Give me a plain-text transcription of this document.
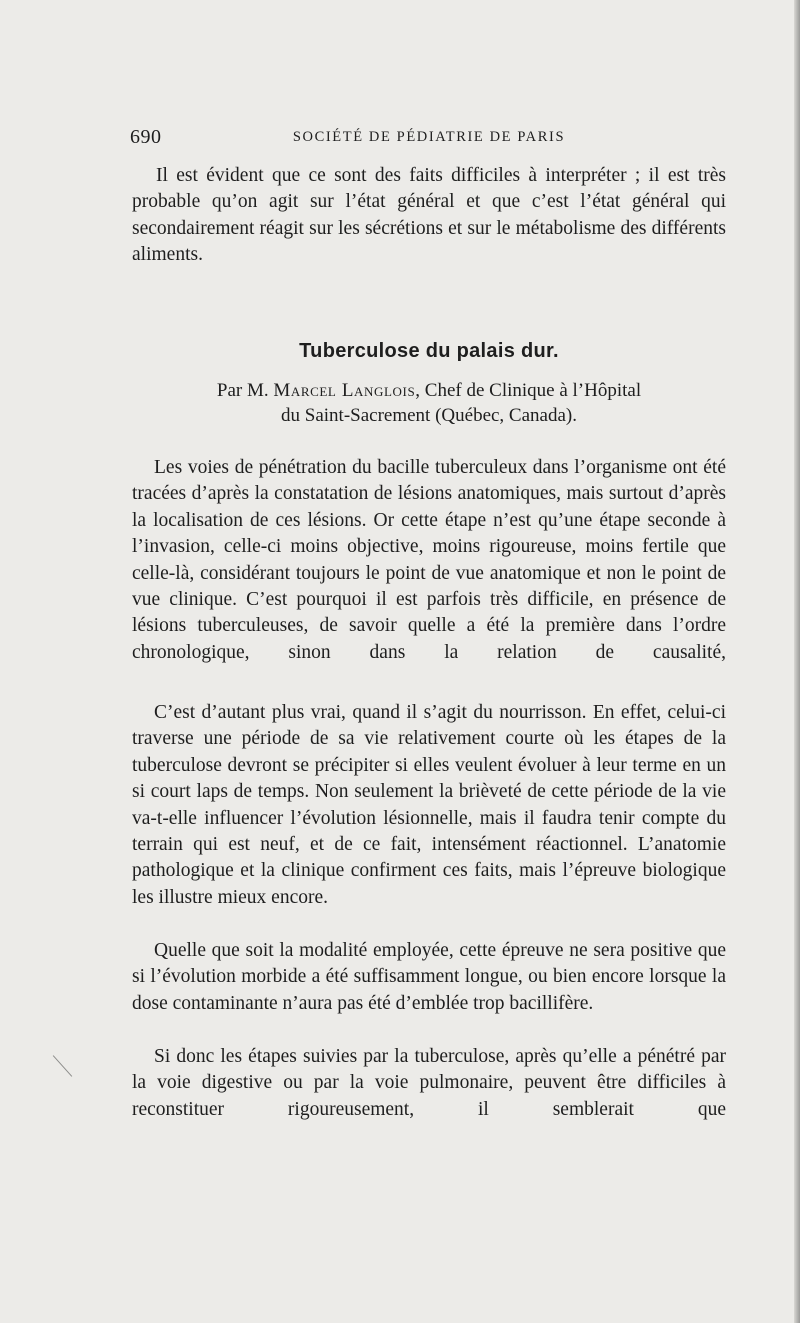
690	SOCIÉTÉ DE PÉDIATRIE DE PARIS

Il est évident que ce sont des faits difficiles à interpréter ; il est très probable qu’on agit sur l’état général et que c’est l’état général qui secondairement réagit sur les sécrétions et sur le métabolisme des différents aliments.

Tuberculose du palais dur.
Par M. Marcel Langlois, Chef de Clinique à l’Hôpital
du Saint-Sacrement (Québec, Canada).

Les voies de pénétration du bacille tuberculeux dans l’organisme ont été tracées d’après la constatation de lésions anatomiques, mais surtout d’après la localisation de ces lésions. Or cette étape n’est qu’une étape seconde à l’invasion, celle-ci moins objective, moins rigoureuse, moins fertile que celle-là, considérant toujours le point de vue anatomique et non le point de vue clinique. C’est pourquoi il est parfois très difficile, en présence de lésions tuberculeuses, de savoir quelle a été la première dans l’ordre chronologique, sinon dans la relation de causalité,

C’est d’autant plus vrai, quand il s’agit du nourrisson. En effet, celui-ci traverse une période de sa vie relativement courte où les étapes de la tuberculose devront se précipiter si elles veulent évoluer à leur terme en un si court laps de temps. Non seulement la brièveté de cette période de la vie va-t-elle influencer l’évolution lésionnelle, mais il faudra tenir compte du terrain qui est neuf, et de ce fait, intensément réactionnel. L’anatomie pathologique et la clinique confirment ces faits, mais l’épreuve biologique les illustre mieux encore.

Quelle que soit la modalité employée, cette épreuve ne sera positive que si l’évolution morbide a été suffisamment longue, ou bien encore lorsque la dose contaminante n’aura pas été d’emblée trop bacillifère.

Si donc les étapes suivies par la tuberculose, après qu’elle a pénétré par la voie digestive ou par la voie pulmonaire, peuvent être difficiles à reconstituer rigoureusement, il semblerait que
